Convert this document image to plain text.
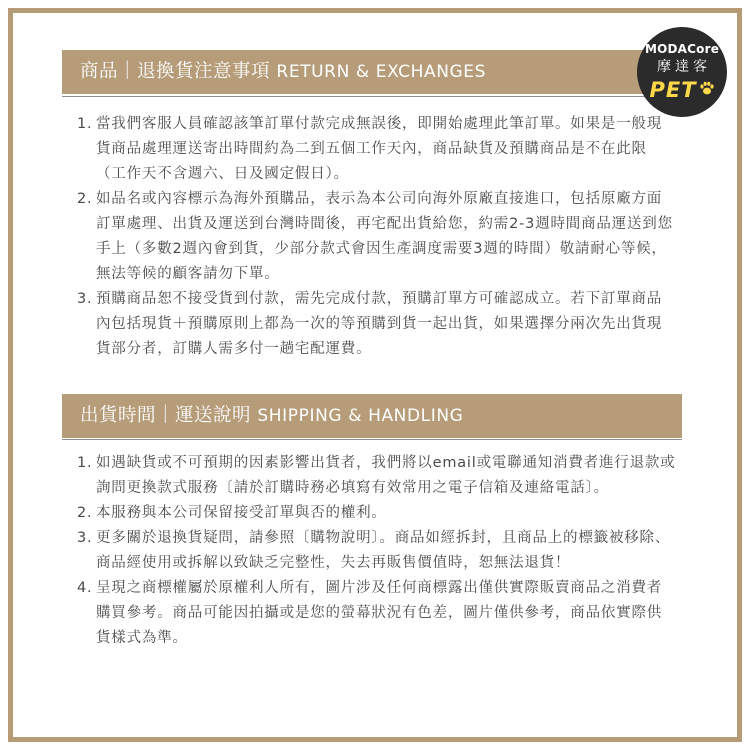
商品｜退換貨注意事項 RETURN & EXCHANGES
1. 當我們客服人員確認該筆訂單付款完成無誤後，即開始處理此筆訂單。如果是一般現貨商品處理運送寄出時間約為二到五個工作天內，商品缺貨及預購商品是不在此限（工作天不含週六、日及國定假日）。
2. 如品名或內容標示為海外預購品，表示為本公司向海外原廠直接進口，包括原廠方面訂單處理、出貨及運送到台灣時間後，再宅配出貨給您，約需2-3週時間商品運送到您手上（多數2週內會到貨，少部分款式會因生產調度需要3週的時間）敬請耐心等候，無法等候的顧客請勿下單。
3. 預購商品恕不接受貨到付款，需先完成付款，預購訂單方可確認成立。若下訂單商品內包括現貨＋預購原則上都為一次的等預購到貨一起出貨，如果選擇分兩次先出貨現貨部分者，訂購人需多付一趟宅配運費。
出貨時間｜運送說明 SHIPPING & HANDLING
1. 如遇缺貨或不可預期的因素影響出貨者，我們將以email或電聯通知消費者進行退款或詢問更換款式服務〔請於訂購時務必填寫有效常用之電子信箱及連絡電話〕。
2. 本服務與本公司保留接受訂單與否的權利。
3. 更多關於退換貨疑問，請參照〔購物說明〕。商品如經拆封，且商品上的標籤被移除、商品經使用或拆解以致缺乏完整性，失去再販售價值時，恕無法退貨！
4. 呈現之商標權屬於原權利人所有，圖片涉及任何商標露出僅供實際販賣商品之消費者購買參考。商品可能因拍攝或是您的螢幕狀況有色差，圖片僅供參考，商品依實際供貨樣式為準。
MODACore
摩達客
PET
